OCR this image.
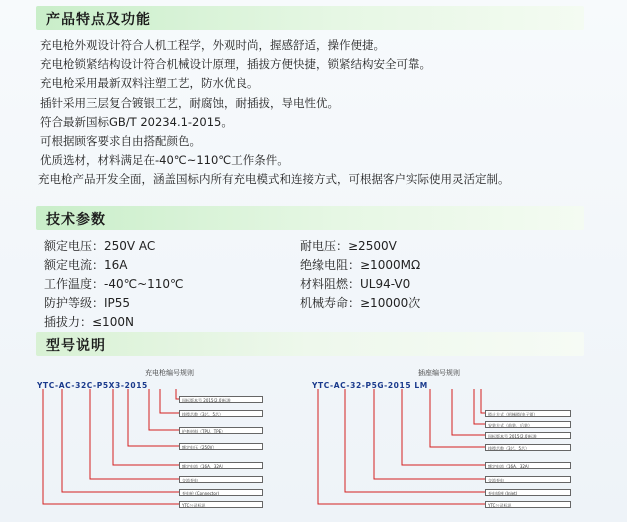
产品特点及功能

充电枪外观设计符合人机工程学，外观时尚，握感舒适，操作便捷。

充电枪锁紧结构设计符合机械设计原理，插拔方便快捷，锁紧结构安全可靠。

充电枪采用最新双料注塑工艺，防水优良。

插针采用三层复合镀银工艺，耐腐蚀，耐插拔，导电性优。

符合最新国标GB/T 20234.1-2015。

可根据顾客要求自由搭配颜色。

优质选材，材料满足在-40℃~110℃工作条件。

充电枪产品开发全面，涵盖国标内所有充电模式和连接方式，可根据客户实际使用灵活定制。

技术参数
额定电压：250V AC
额定电流：16A
工作温度：-40℃~110℃
防护等级：IP55
插拔力：≤100N
耐电压：≥2500V
绝缘电阻：≥1000MΩ
材料阻燃：UL94-V0
机械寿命：≥10000次
型号说明
充电枪编号规则
YTC-AC-32C-P5X3-2015
国标版本号 2015(2.0)标准
线缆芯数（3芯，5芯）
护套材料（TPU，TPE）
额定电压（250V）
额定电流（16A，32A）
交流充电
充电枪 (Connector)
YTC公司标识
插座编号规则
YTC-AC-32-P5G-2015 LM
锁止方式（机械锁/电子锁）
安装方式（前装，后装）
国标版本号 2015(2.0)标准
线缆芯数（3芯，5芯）
额定电流（16A，32A）
交流充电
充电插座 (Inlet)
YTC公司标识
